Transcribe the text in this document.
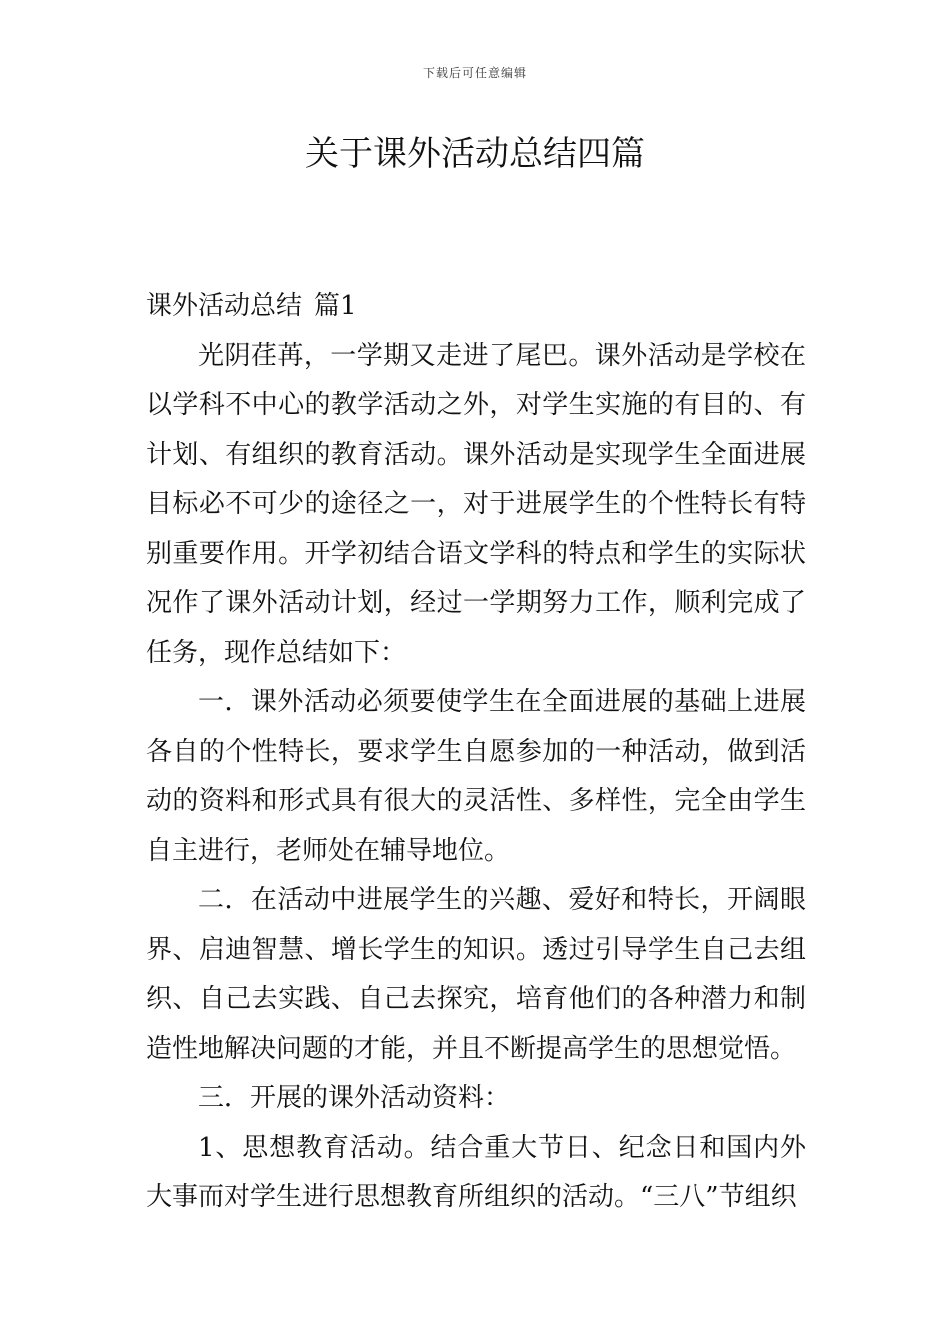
下载后可任意编辑
关于课外活动总结四篇
课外活动总结 篇1

光阴荏苒，一学期又走进了尾巴。课外活动是学校在以学科不中心的教学活动之外，对学生实施的有目的、有计划、有组织的教育活动。课外活动是实现学生全面进展目标必不可少的途径之一，对于进展学生的个性特长有特别重要作用。开学初结合语文学科的特点和学生的实际状况作了课外活动计划，经过一学期努力工作，顺利完成了任务，现作总结如下：

一．课外活动必须要使学生在全面进展的基础上进展各自的个性特长，要求学生自愿参加的一种活动，做到活动的资料和形式具有很大的灵活性、多样性，完全由学生自主进行，老师处在辅导地位。

二．在活动中进展学生的兴趣、爱好和特长，开阔眼界、启迪智慧、增长学生的知识。透过引导学生自己去组织、自己去实践、自己去探究，培育他们的各种潜力和制造性地解决问题的才能，并且不断提高学生的思想觉悟。

三．开展的课外活动资料：

1、思想教育活动。结合重大节日、纪念日和国内外大事而对学生进行思想教育所组织的活动。“三八”节组织
